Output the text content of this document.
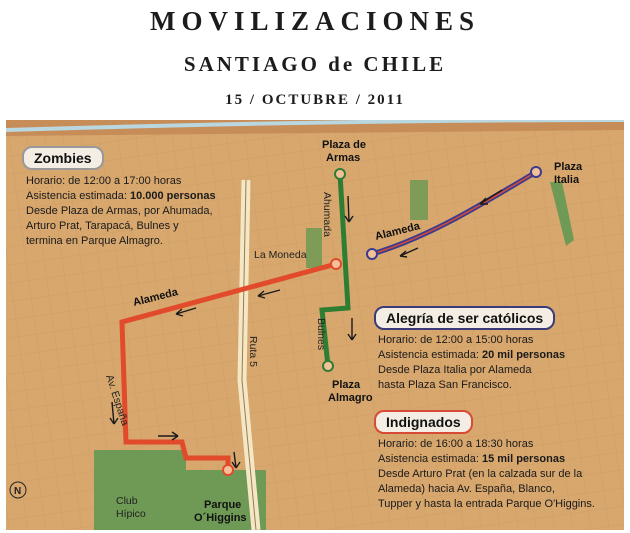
MOVILIZACIONES
SANTIAGO de CHILE
15 / OCTUBRE / 2011
Plaza de Armas
Plaza Italia
Alameda
Alameda
Plaza Almagro
Parque O´Higgins
La Moneda
Ahumada
Bulnes
Ruta 5
Av. España
Club Hípico
N
Zombies
Horario: de 12:00 a 17:00 horas
Asistencia estimada: 10.000 personas
Desde Plaza de Armas, por Ahumada,
Arturo Prat, Tarapacá, Bulnes y
termina en Parque Almagro.
Alegría de ser católicos
Horario: de 12:00 a 15:00 horas
Asistencia estimada: 20 mil personas
Desde Plaza Italia por Alameda
hasta Plaza San Francisco.
Indignados
Horario: de 16:00 a 18:30 horas
Asistencia estimada: 15 mil personas
Desde Arturo Prat (en la calzada sur de la
Alameda) hacia Av. España, Blanco,
Tupper y hasta la entrada Parque O'Higgins.
